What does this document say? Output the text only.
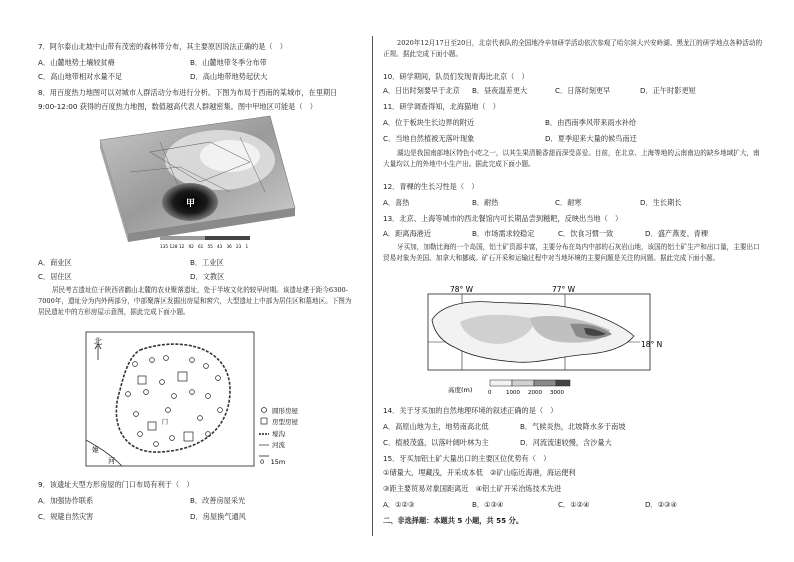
7．阿尔泰山北坡中山带有茂密的森林带分布，其主要原因说法正确的是（　）
A．山麓地势土壤较贫瘠	B．山麓地带冬季分布带
C．高山地带相对水量不足	D．高山地带地势起伏大
8．用百度热力地图可以对城市人群活动分布进行分析。下图为布局于西南的某城市，在里期日
9:00-12:00 获得的百度热力地图，数值越高代表人群越密集。图中甲地区可能是（　）
甲
135 128 12 92 61 55 43 36 23 1
A．商业区	B．工业区
C．居住区	D．文教区
居民考古遗址位于陕西省鹳山北麓的农业聚落遗址，处于半坡文化的较早时期。该遗址建于距今6300-7000年，遗址分为内外两部分，中部聚落区发掘出房屋和窖穴，大型遗址上中部为居住区和墓地区。下图为居民遗址中的方形房屋示意图，据此完成下面小题。
北
姬
河
门
圆形房屋
房型房屋
壕沟
河流
0　15m
9．该遗址大型方形房屋的门口布局有利于（　）
A．加强协作联系	B．改善房屋采光
C．规避自然灾害	D．房屋换气通风
2020年12月17日至20日，北京代表队的全国地冷辛加研学活动依次参观了哈尔滨大兴安岭湖、黑龙江的研学地点各种活动的正规。据此完成下面小题。
10．研学期间，队员们发现青海比北京（　）
A．日出时刻要早于北京 B．昼夜温差更大	C．日落时刻更早	D．正午时影更短
11．研学调查得知，北海猫地（　）
A．位于板块生长边界的附近	B．由西南季风带来雨水补给
C．当地自然植被无落叶现象	D．夏季迎来大量的候鸟南迁
湖边是我国南部地区特色小吃之一，以其生果清脆香甜而深受喜爱。目前，在北京、上海等地的云南南边的缺乡地域扩大，南大量均以上的外地中小生产出。据此完成下面小题。
12．青稞的生长习性是（　）
A．喜热	B．耐热	C．耐寒	D．生长期长
13．北京、上海等城市的西北餐馆内可长期品尝到糍粑，反映出当地（　）
A．距离海港近	B．市场需求较稳定	C．饮食习惯一致	D．盛产燕麦、青稞
牙买加，加勒比海的一个岛国，铝土矿资源丰富，主要分布在岛内中部的石灰岩山地，该国的铝土矿生产和出口量，主要出口贸易对象为美国、加拿大和挪威。矿石开采和运输过程中对当地环境的主要问题是关注的问题。据此完成下面小题。
78° W	77° W
18° N
高度(m)	0	1000 2000 3000
14．关于牙买加的自然地理环境的叙述正确的是（　）
A．高原山地为主，地势南高北低	B．气候炎热，北坡降水多于南坡
C．植被茂盛，以落叶阔叶林为主	D．河流流速较慢，含沙量大
15．牙买加铝土矿大量出口的主要区位优势有（　）
①储量大，埋藏浅，开采成本低　②矿山临近海港，海运便利
③距主要贸易对象国距离近　④铝土矿开采冶炼技术先进
A．①②③	B．①③④	C．①②④	D．②③④
二、非选择题：本题共 5 小题，共 55 分。
